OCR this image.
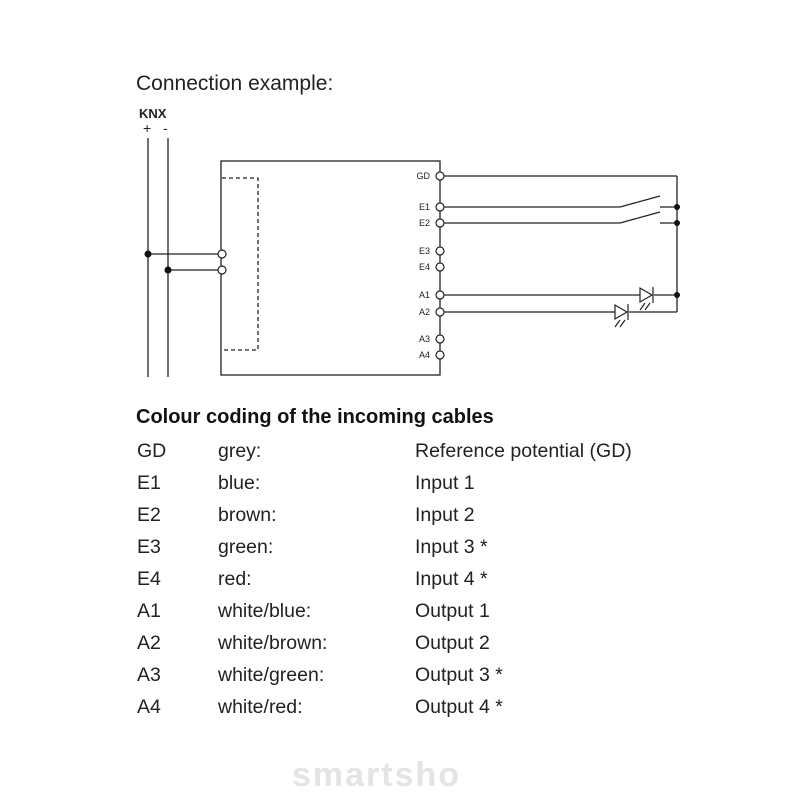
Connection example:
KNX
+ -
GD
E1
E2
E3
E4
A1
A2
A3
A4
Colour coding of the incoming cables
GD	grey:	Reference potential (GD)
E1	blue:	Input 1
E2	brown:	Input 2
E3	green:	Input 3 *
E4	red:	Input 4 *
A1	white/blue:	Output 1
A2	white/brown:	Output 2
A3	white/green:	Output 3 *
A4	white/red:	Output 4 *
smartsho
